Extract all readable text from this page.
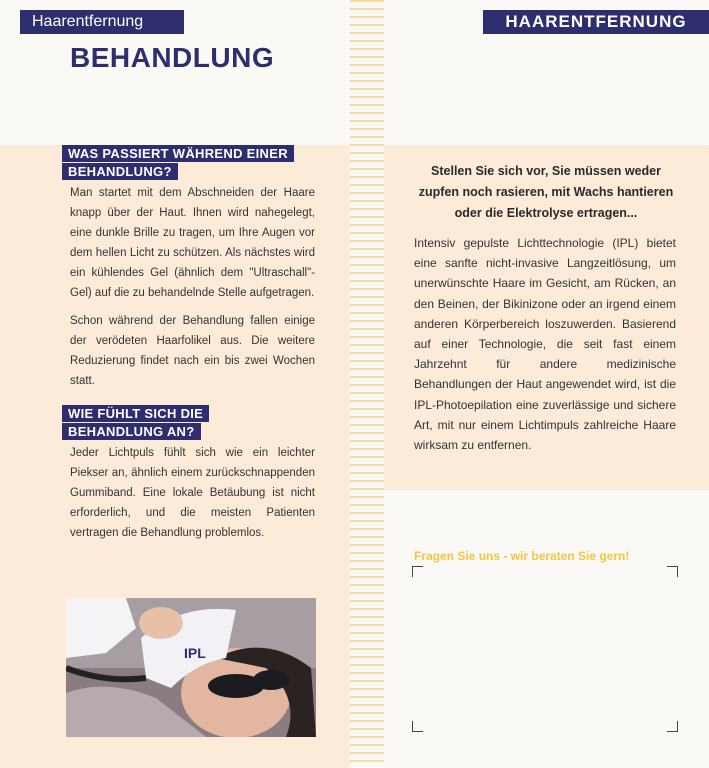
Haarentfernung
BEHANDLUNG
WAS PASSIERT WÄHREND EINER
BEHANDLUNG?

Man startet mit dem Abschneiden der Haare knapp über der Haut. Ihnen wird nahegelegt, eine dunkle Brille zu tragen, um Ihre Augen vor dem hellen Licht zu schützen. Als nächstes wird ein kühlendes Gel (ähnlich dem "Ultraschall"-Gel) auf die zu behandelnde Stelle aufgetragen.

Schon während der Behandlung fallen einige der verödeten Haarfolikel aus. Die weitere Reduzierung findet nach ein bis zwei Wochen statt.

WIE FÜHLT SICH DIE
BEHANDLUNG AN?

Jeder Lichtpuls fühlt sich wie ein leichter Piekser an, ähnlich einem zurückschnappenden Gummiband. Eine lokale Betäubung ist nicht erforderlich, und die meisten Patienten vertragen die Behandlung problemlos.

IPL
HAARENTFERNUNG

Stellen Sie sich vor, Sie müssen weder zupfen noch rasieren, mit Wachs hantieren oder die Elektrolyse ertragen...

Intensiv gepulste Lichttechnologie (IPL) bietet eine sanfte nicht-invasive Langzeitlösung, um unerwünschte Haare im Gesicht, am Rücken, an den Beinen, der Bikinizone oder an irgend einem anderen Körperbereich loszuwerden. Basierend auf einer Technologie, die seit fast einem Jahrzehnt für andere medizinische Behandlungen der Haut angewendet wird, ist die IPL-Photoepilation eine zuverlässige und sichere Art, mit nur einem Lichtimpuls zahlreiche Haare wirksam zu entfernen.

Fragen Sie uns - wir beraten Sie gern!
